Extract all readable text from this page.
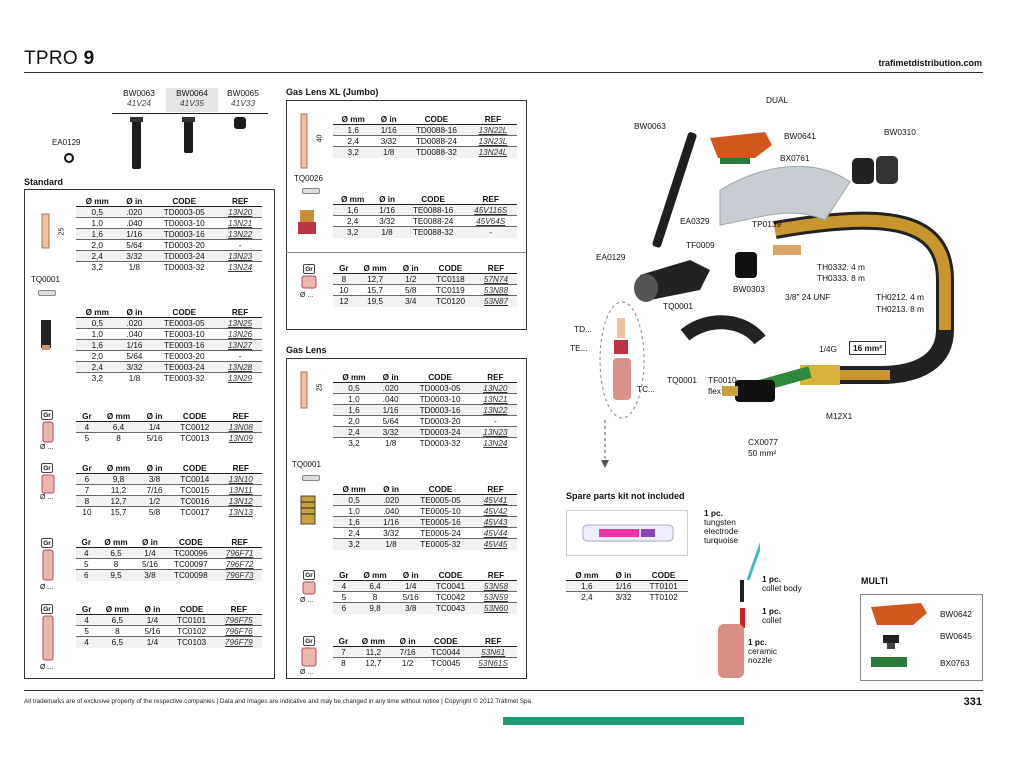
TPRO 9	trafimetdistribution.com
BW0063
41V24
BW0064
41V35
BW0065
41V33
EA0129
Standard
25
TQ0001
Ø mm	Ø in	CODE	REF
0,5	.020	TD0003-05	13N20
1,0	.040	TD0003-10	13N21
1,6	1/16	TD0003-16	13N22
2,0	5/64	TD0003-20	-
2,4	3/32	TD0003-24	13N23
3,2	1/8	TD0003-32	13N24
Ø mm	Ø in	CODE	REF
0,5	.020	TE0003-05	13N25
1,0	.040	TE0003-10	13N26
1,6	1/16	TE0003-16	13N27
2,0	5/64	TE0003-20	-
2,4	3/32	TE0003-24	13N28
3,2	1/8	TE0003-32	13N29
Gr	Ø mm	Ø in	CODE	REF
4	6,4	1/4	TC0012	13N08
5	8	5/16	TC0013	13N09
Gr	Ø mm	Ø in	CODE	REF
6	9,8	3/8	TC0014	13N10
7	11,2	7/16	TC0015	13N11
8	12,7	1/2	TC0016	13N12
10	15,7	5/8	TC0017	13N13
Gr	Ø mm	Ø in	CODE	REF
4	6,5	1/4	TC00096	796F71
5	8	5/16	TC00097	796F72
6	9,5	3/8	TC00098	796F73
Gr	Ø mm	Ø in	CODE	REF
4	6,5	1/4	TC0101	796F75
5	8	5/16	TC0102	796F76
4	6,5	1/4	TC0103	796F79
Gr
Ø ...
Gr
Ø ...
Gr
Ø ...
Gr
Ø ...
Gas Lens XL (Jumbo)
40
TQ0026
Ø mm	Ø in	CODE	REF
1,6	1/16	TD0088-16	13N22L
2,4	3/32	TD0088-24	13N23L
3,2	1/8	TD0088-32	13N24L
Ø mm	Ø in	CODE	REF
1,6	1/16	TE0088-16	45V116S
2,4	3/32	TE0088-24	45V64S
3,2	1/8	TE0088-32	-
Gr
Ø ...
Gr	Ø mm	Ø in	CODE	REF
8	12,7	1/2	TC0118	57N74
10	15,7	5/8	TC0119	53N88
12	19,5	3/4	TC0120	53N87
Gas Lens
25
TQ0001
Ø mm	Ø in	CODE	REF
0,5	.020	TD0003-05	13N20
1,0	.040	TD0003-10	13N21
1,6	1/16	TD0003-16	13N22
2,0	5/64	TD0003-20	-
2,4	3/32	TD0003-24	13N23
3,2	1/8	TD0003-32	13N24
Ø mm	Ø in	CODE	REF
0,5	.020	TE0005-05	45V41
1,0	.040	TE0005-10	45V42
1,6	1/16	TE0005-16	45V43
2,4	3/32	TE0005-24	45V44
3,2	1/8	TE0005-32	45V45
Gr
Ø ...
Gr	Ø mm	Ø in	CODE	REF
4	6,4	1/4	TC0041	53N58
5	8	5/16	TC0042	53N59
6	9,8	3/8	TC0043	53N60
Gr
Ø ...
Gr	Ø mm	Ø in	CODE	REF
7	11,2	7/16	TC0044	53N61
8	12,7	1/2	TC0045	53N61S
DUAL
BW0063
BW0641
BX0761
BW0310
EA0329	TP0139
TF0009
EA0129
BW0303
TH0332. 4 m
TH0333. 8 m
3/8" 24 UNF	TH0212. 4 m
TH0213. 8 m
TQ0001
TD...
TE...
TC...
TQ0001 TF0010
flex
1/4G	16 mm²
M12X1
CX0077
50 mm²
Spare parts kit not included
Ø mm	Ø in	CODE
1,6	1/16	TT0101
2,4	3/32	TT0102
1 pc.
tungsten
electrode
turquoise
1 pc.
collet body
1 pc.
collet
1 pc.
ceramic
nozzle
MULTI
BW0642
BW0645
BX0763
All trademarks are of exclusive property of the respective companies | Data and images are indicative and may be changed in any time without notice | Copyright © 2012 Trafimet Spa	331
